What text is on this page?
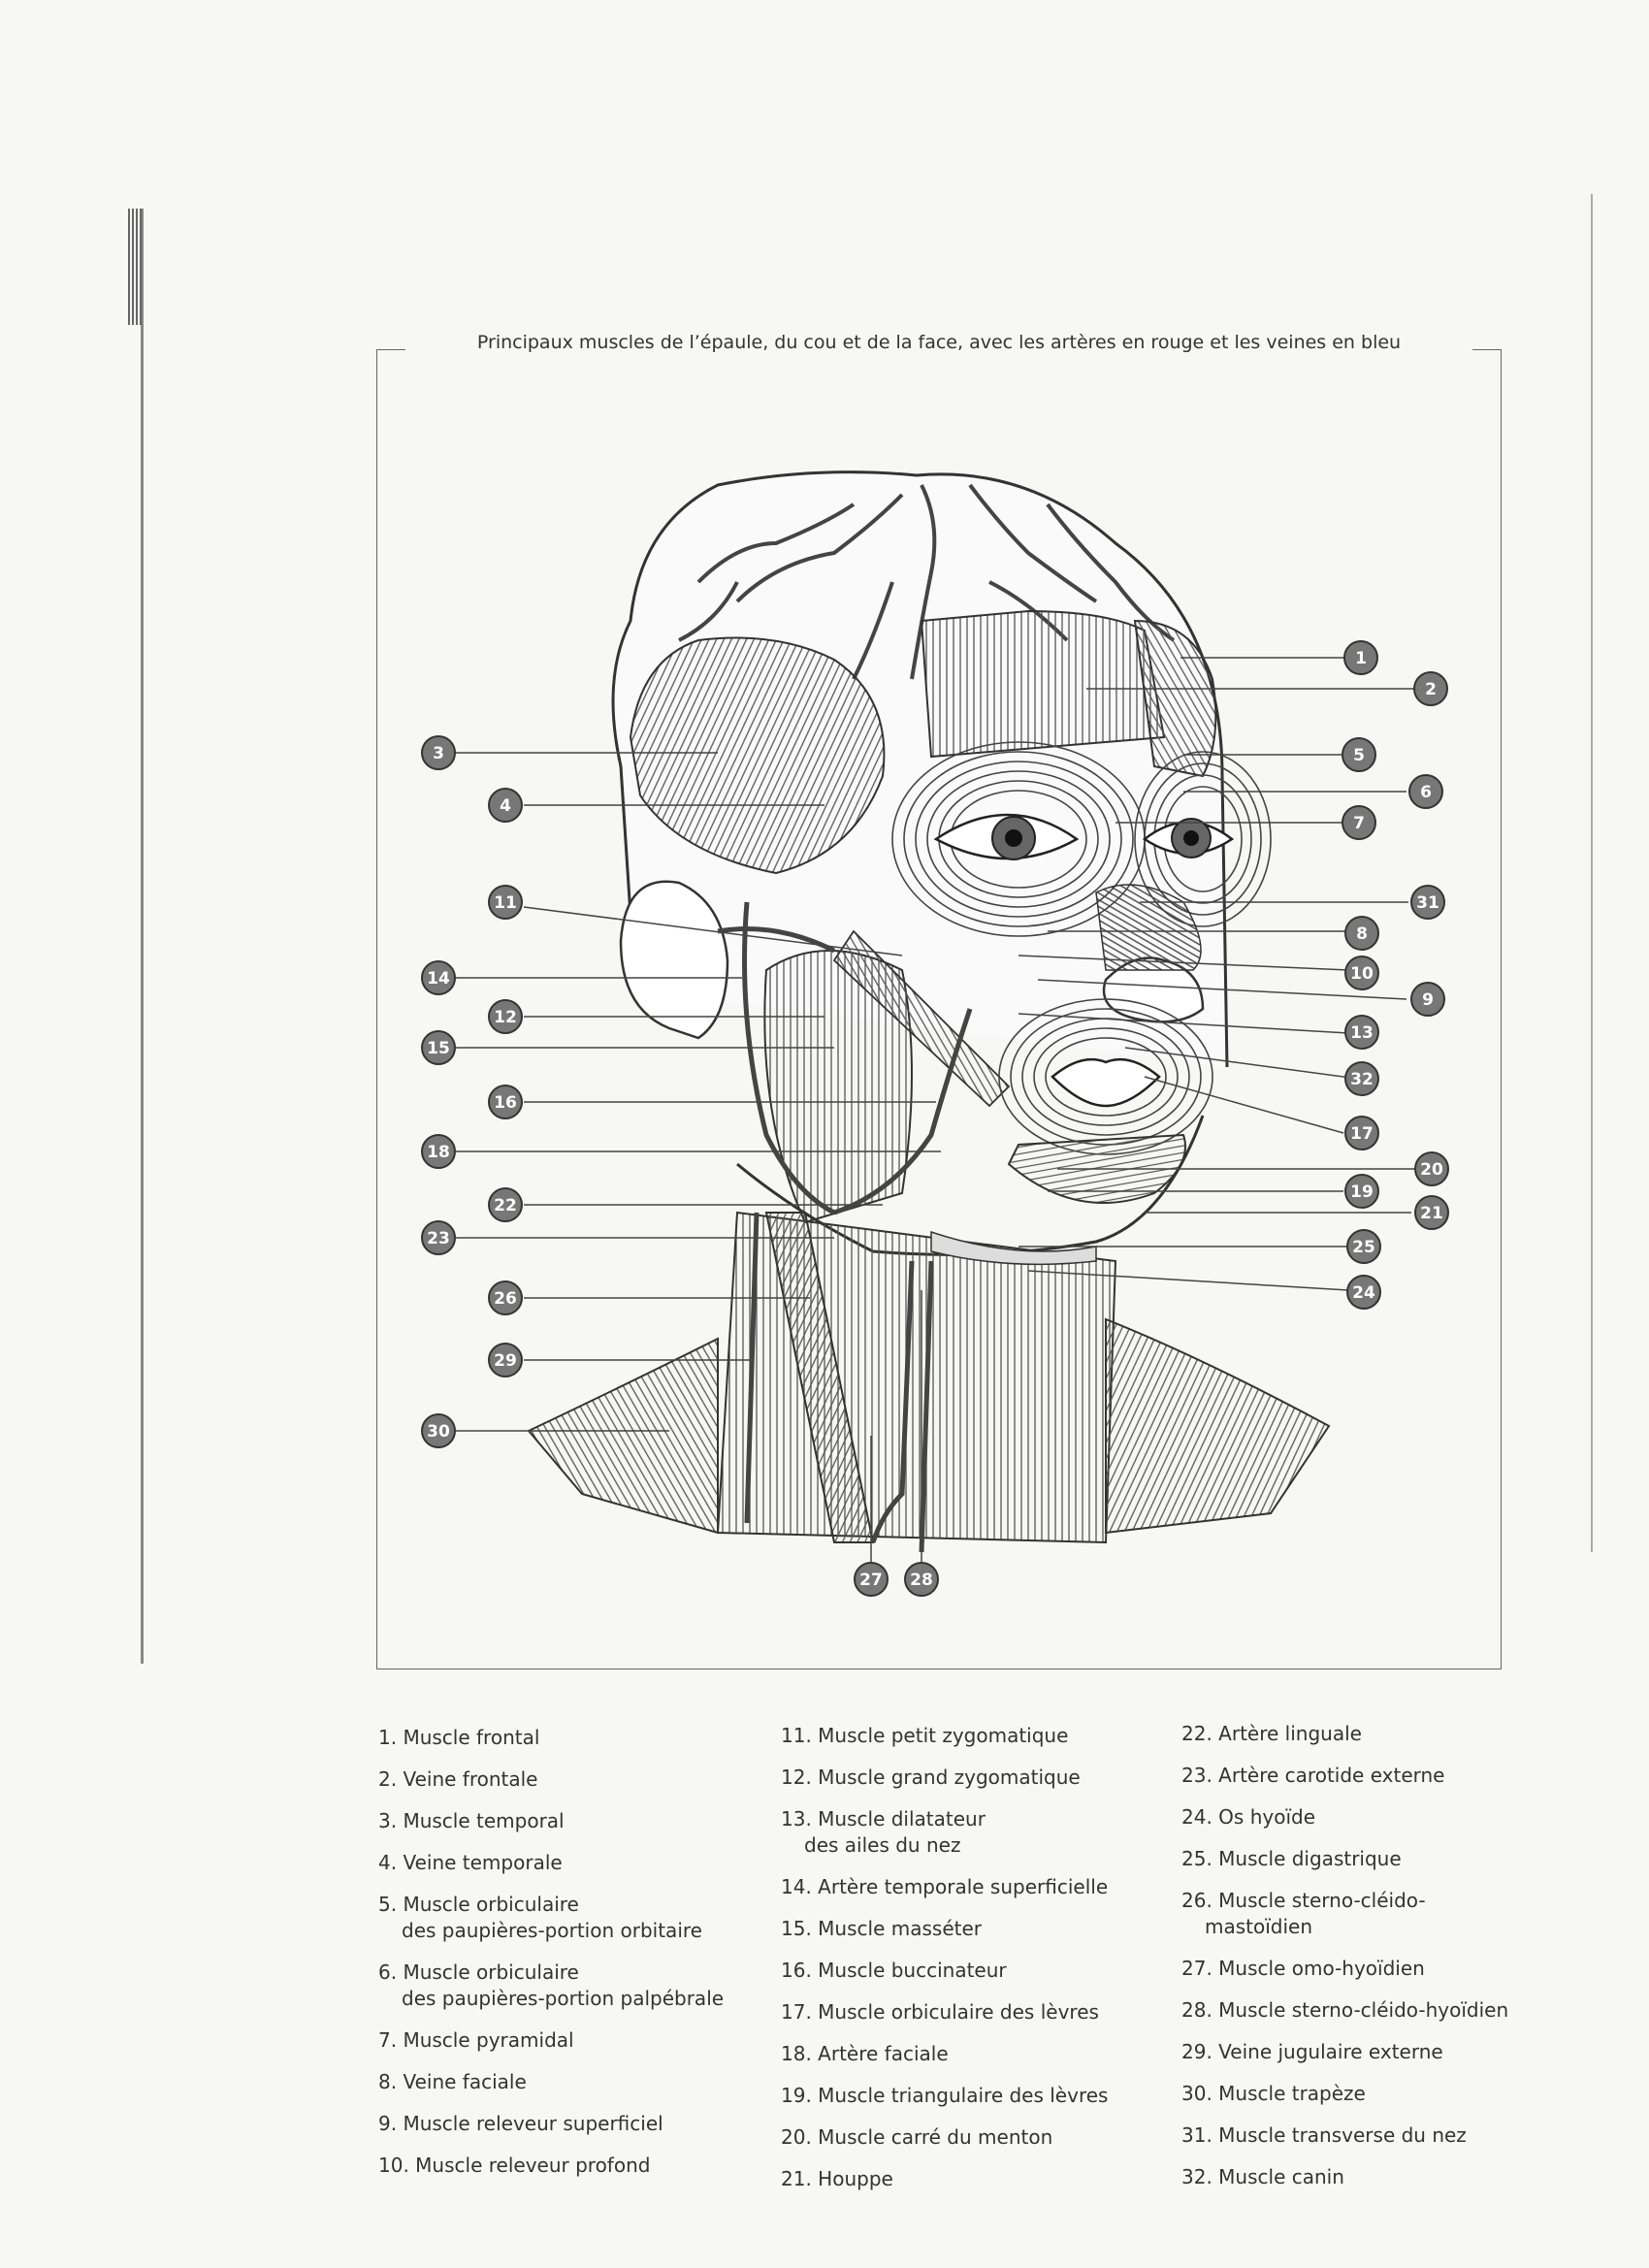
Principaux muscles de l’épaule, du cou et de la face, avec les artères en rouge et les veines en bleu
1
2
3
4
5
6
7
31
8
10
9
11
14
12
15
16
18
13
32
17
20
19
21
22
23	25
24
26
29
30
27 28
1. Muscle frontal
2. Veine frontale
3. Muscle temporal
4. Veine temporale
5. Muscle orbiculaire
des paupières-portion orbitaire
6. Muscle orbiculaire
des paupières-portion palpébrale
7. Muscle pyramidal
8. Veine faciale
9. Muscle releveur superficiel
10. Muscle releveur profond
11. Muscle petit zygomatique
12. Muscle grand zygomatique
13. Muscle dilatateur
des ailes du nez
14. Artère temporale superficielle
15. Muscle masséter
16. Muscle buccinateur
17. Muscle orbiculaire des lèvres
18. Artère faciale
19. Muscle triangulaire des lèvres
20. Muscle carré du menton
21. Houppe
22. Artère linguale
23. Artère carotide externe
24. Os hyoïde
25. Muscle digastrique
26. Muscle sterno-cléido-
mastoïdien
27. Muscle omo-hyoïdien
28. Muscle sterno-cléido-hyoïdien
29. Veine jugulaire externe
30. Muscle trapèze
31. Muscle transverse du nez
32. Muscle canin
